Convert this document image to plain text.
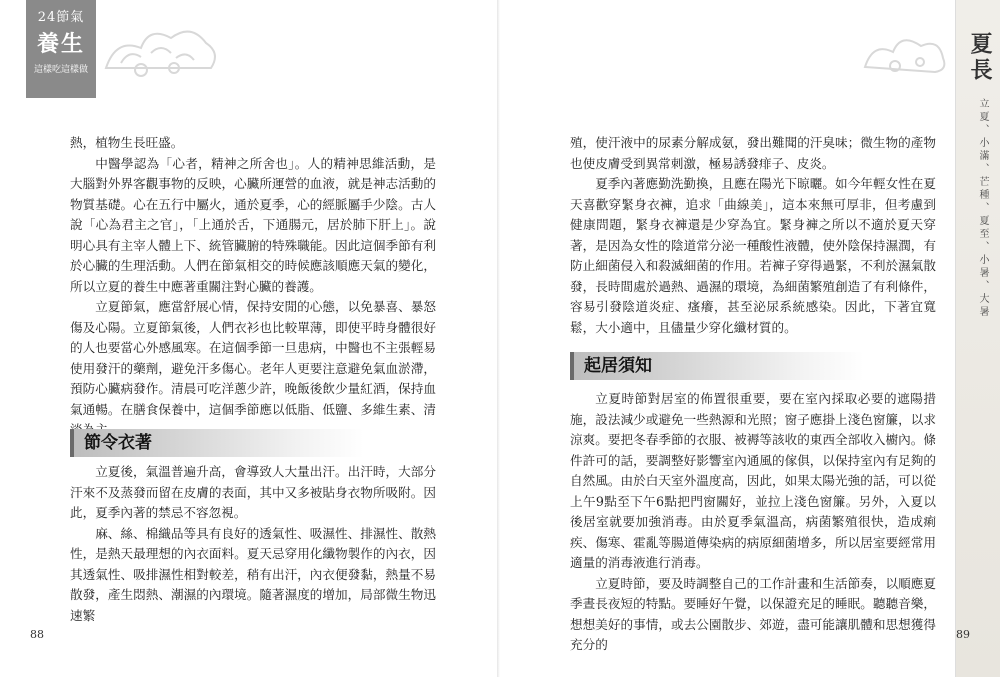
24節氣
養生
這樣吃這樣做

熱，植物生長旺盛。

中醫學認為「心者，精神之所舍也」。人的精神思維活動，是大腦對外界客觀事物的反映，心臟所運營的血液，就是神志活動的物質基礎。心在五行中屬火，通於夏季，心的經脈屬手少陰。古人說「心為君主之官」，「上通於舌，下通腸元，居於肺下肝上」。說明心具有主宰人體上下、統管臟腑的特殊職能。因此這個季節有利於心臟的生理活動。人們在節氣相交的時候應該順應天氣的變化，所以立夏的養生中應著重關注對心臟的養護。

立夏節氣，應當舒展心情，保持安閒的心態，以免暴喜、暴怒傷及心陽。立夏節氣後，人們衣衫也比較單薄，即使平時身體很好的人也要當心外感風寒。在這個季節一旦患病，中醫也不主張輕易使用發汗的藥劑，避免汗多傷心。老年人更要注意避免氣血淤滯，預防心臟病發作。清晨可吃洋蔥少許，晚飯後飲少量紅酒，保持血氣通暢。在膳食保養中，這個季節應以低脂、低鹽、多維生素、清

節令衣著

立夏後，氣溫普遍升高，會導致人大量出汗。出汗時，大部分汗來不及蒸發而留在皮膚的表面，其中又多被貼身衣物所吸附。因此，夏季內著的禁忌不容忽視。

麻、絲、棉織品等具有良好的透氣性、吸濕性、排濕性、散熱性，是熱天最理想的內衣面料。夏天忌穿用化纖物製作的內衣，因其透氣性、吸排濕性相對較差，稍有出汗，內衣便發黏，熱量不易散發，產生悶熱、潮濕的內環境。隨著濕度的增加，局部微生物迅速繁

88

殖，使汗液中的尿素分解成氨，發出難聞的汗臭味；微生物的產物也使皮膚受到異常刺激，極易誘發痱子、皮炎。

夏季內著應勤洗勤換，且應在陽光下晾曬。如今年輕女性在夏天喜歡穿緊身衣褲，追求「曲線美」，這本來無可厚非，但考慮到健康問題，緊身衣褲還是少穿為宜。緊身褲之所以不適於夏天穿著，是因為女性的陰道常分泌一種酸性液體，使外陰保持濕潤，有防止細菌侵入和殺滅細菌的作用。若褲子穿得過緊，不利於濕氣散發，長時間處於過熱、過濕的環境，為細菌繁殖創造了有利條件，容易引發陰道炎症、瘙癢，甚至泌尿系統感染。因此，下著宜寬鬆，大小適中，且儘量少穿化纖材質的。

起居須知

立夏時節對居室的佈置很重要，要在室內採取必要的遮陽措施，設法減少或避免一些熱源和光照；窗子應掛上淺色窗簾，以求涼爽。要把冬春季節的衣服、被褥等該收的東西全部收入櫥內。條件許可的話，要調整好影響室內通風的傢俱，以保持室內有足夠的自然風。由於白天室外溫度高，因此，如果太陽光強的話，可以從上午9點至下午6點把門窗關好，並拉上淺色窗簾。另外，入夏以後居室就要加強消毒。由於夏季氣溫高，病菌繁殖很快，造成痢疾、傷寒、霍亂等腸道傳染病的病原細菌增多，所以居室要經常用適量的消毒液進行消毒。

立夏時節，要及時調整自己的工作計畫和生活節奏，以順應夏季晝長夜短的特點。要睡好午覺，以保證充足的睡眠。聽聽音樂，想想美好的事情，或去公園散步、郊遊，盡可能讓肌體和思想獲得充分的

夏長
立夏、小滿、芒種、夏至、小暑、大暑
89
